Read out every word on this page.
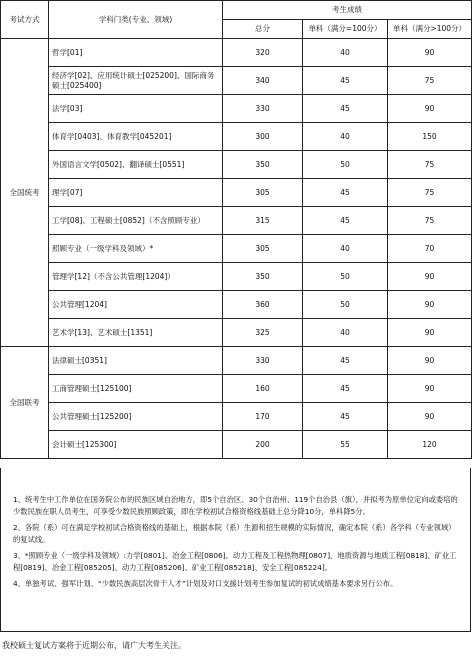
考试方式	学科门类(专业、领域)	考生成绩		
		总分	单科（满分=100分）	单科（满分>100分）
全国统考	哲学[01]	320	40	90
	经济学[02]、应用统计硕士[025200]、国际商务硕士[025400]	340	45	75
	法学[03]	330	45	90
	体育学[0403]、体育教学[045201]	300	40	150
	外国语言文学[0502]、翻译硕士[0551]	350	50	75
	理学[07]	305	45	75
	工学[08]、工程硕士[0852]（不含照顾专业）	315	45	75
	照顾专业（一级学科及领域）*	305	40	70
	管理学[12]（不含公共管理[1204]）	350	50	90
	公共管理[1204]	360	50	90
	艺术学[13]、艺术硕士[1351]	325	40	90
全国联考	法律硕士[0351]	330	45	90
	工商管理硕士[125100]	160	45	90
	公共管理硕士[125200]	170	45	90
	会计硕士[125300]	200	55	120

1、统考生中工作单位在国务院公布的民族区域自治地方，即5个自治区、30个自治州、119个自治县（旗），并拟考为原单位定向或委培的少数民族在职人员考生，可享受少数民族照顾政策，即在学校初试合格资格线基础上总分降10分，单科降5分。

2、各院（系）可在满足学校初试合格资格线的基础上，根据本院（系）生源和招生规模的实际情况，确定本院（系）各学科（专业领域）的复试线。

3、*照顾专业（一级学科及领域）:力学[0801]、冶金工程[0806]、动力工程及工程热物理[0807]、地质资源与地质工程[0818]、矿业工程[0819]、冶金工程[085205]、动力工程[085206]、矿业工程[085218]、安全工程[085224]。

4、单独考试、强军计划、“少数民族高层次骨干人才”计划及对口支援计划考生参加复试的初试成绩基本要求另行公布。

我校硕士复试方案将于近期公布，请广大考生关注。
